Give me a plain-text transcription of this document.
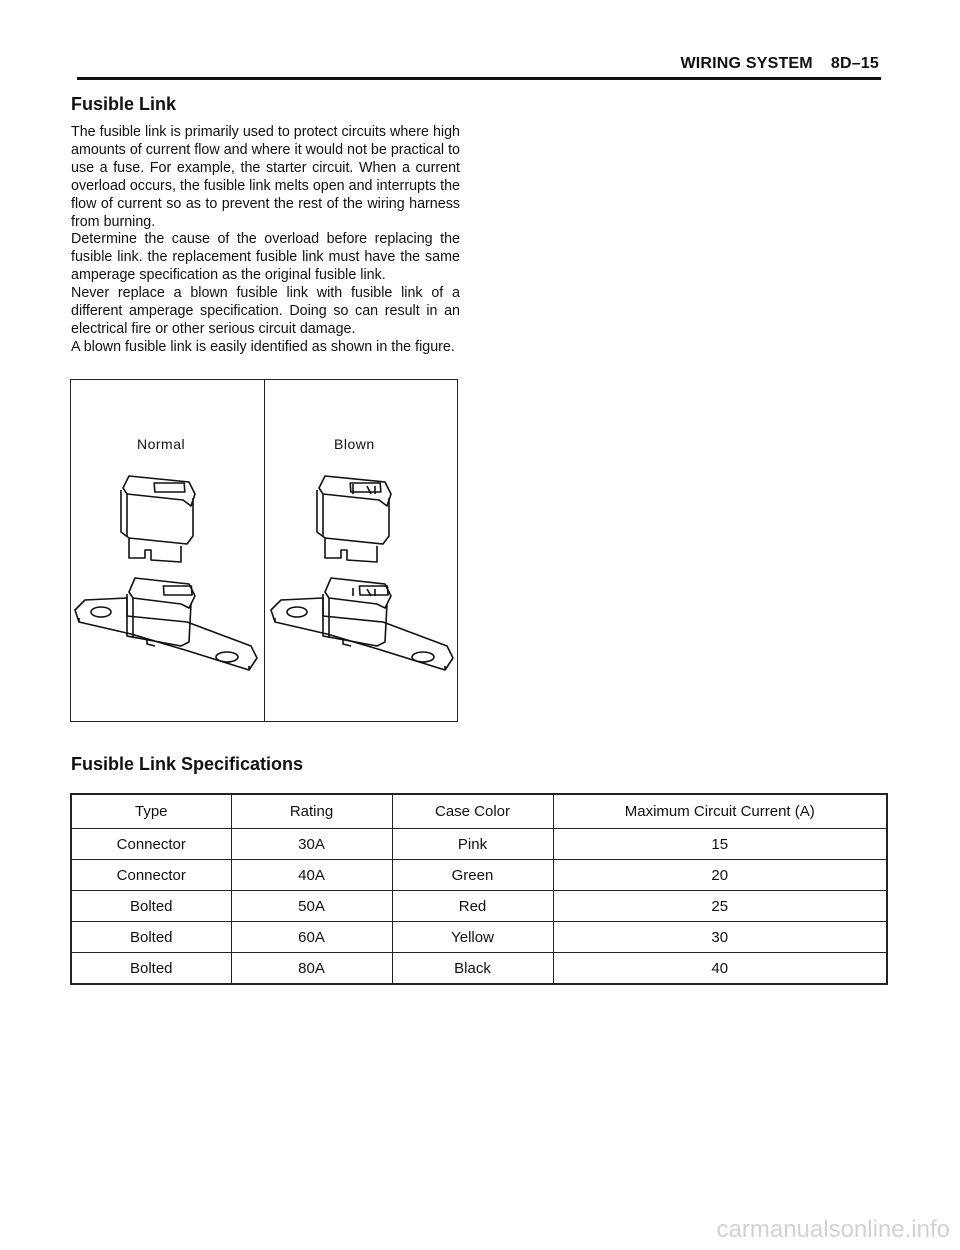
WIRING SYSTEM 8D–15
Fusible Link

The fusible link is primarily used to protect circuits where high amounts of current flow and where it would not be practical to use a fuse. For example, the starter circuit. When a current overload occurs, the fusible link melts open and interrupts the flow of current so as to prevent the rest of the wiring harness from burning.

Determine the cause of the overload before replacing the fusible link. the replacement fusible link must have the same amperage specification as the original fusible link.

Never replace a blown fusible link with fusible link of a different amperage specification. Doing so can result in an electrical fire or other serious circuit damage.

A blown fusible link is easily identified as shown in the figure.

Normal	Blown
Fusible Link Specifications
Type	Rating	Case Color	Maximum Circuit Current (A)
Connector	30A	Pink	15
Connector	40A	Green	20
Bolted	50A	Red	25
Bolted	60A	Yellow	30
Bolted	80A	Black	40
carmanualsonline.info
